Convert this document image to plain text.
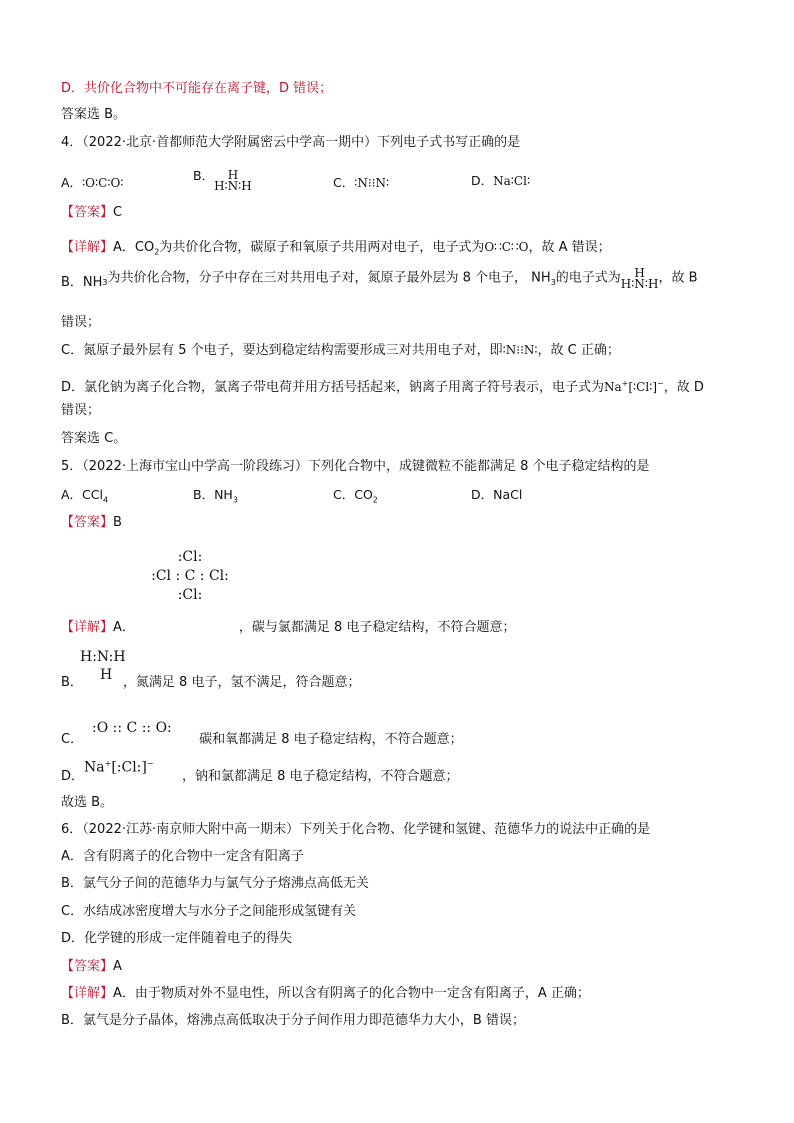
D．共价化合物中不可能存在离子键，D 错误；
答案选 B。
4．（2022·北京·首都师范大学附属密云中学高一期中）下列电子式书写正确的是
A．∶O∶C∶O∶	B． H
H∶N∶H	C．∶N⁝⁝N∶	D．Na∶Cl∶
【答案】C
【详解】A．$CO_2$为共价化合物，碳原子和氧原子共用两对电子，电子式为O∷C∷O，故 A 错误；
B．$NH_3$为共价化合物，分子中存在三对共用电子对，氮原子最外层为 8 个电子， $NH_3$的电子式为 H
H∶N∶H，故 B
错误；
C．氮原子最外层有 5 个电子，要达到稳定结构需要形成三对共用电子对，即∶N⁝⁝N∶，故 C 正确；
D．氯化钠为离子化合物，氯离子带电荷并用方括号括起来，钠离子用离子符号表示，电子式为Na+[∶Cl∶]−，故 D
错误；
答案选 C。
5．（2022·上海市宝山中学高一阶段练习）下列化合物中，成键微粒不能都满足 8 个电子稳定结构的是
A．CCl$_4$	B．$NH_3$	C．$CO_2$	D．NaCl
【答案】B
:Cl:
:Cl : C : Cl:
:Cl:
【详解】A．	，碳与氯都满足 8 电子稳定结构，不符合题意；
H:N:H
H
B．	，氮满足 8 电子，氢不满足，符合题意；
:O :: C :: O:
C．	碳和氧都满足 8 电子稳定结构，不符合题意；
Na+[:Cl:]−
D．	，钠和氯都满足 8 电子稳定结构，不符合题意；
故选 B。
6．（2022·江苏·南京师大附中高一期末）下列关于化合物、化学键和氢键、范德华力的说法中正确的是
A．含有阴离子的化合物中一定含有阳离子
B．氯气分子间的范德华力与氯气分子熔沸点高低无关
C．水结成冰密度增大与水分子之间能形成氢键有关
D．化学键的形成一定伴随着电子的得失
【答案】A
【详解】A．由于物质对外不显电性，所以含有阴离子的化合物中一定含有阳离子，A 正确；
B．氯气是分子晶体，熔沸点高低取决于分子间作用力即范德华力大小，B 错误；
